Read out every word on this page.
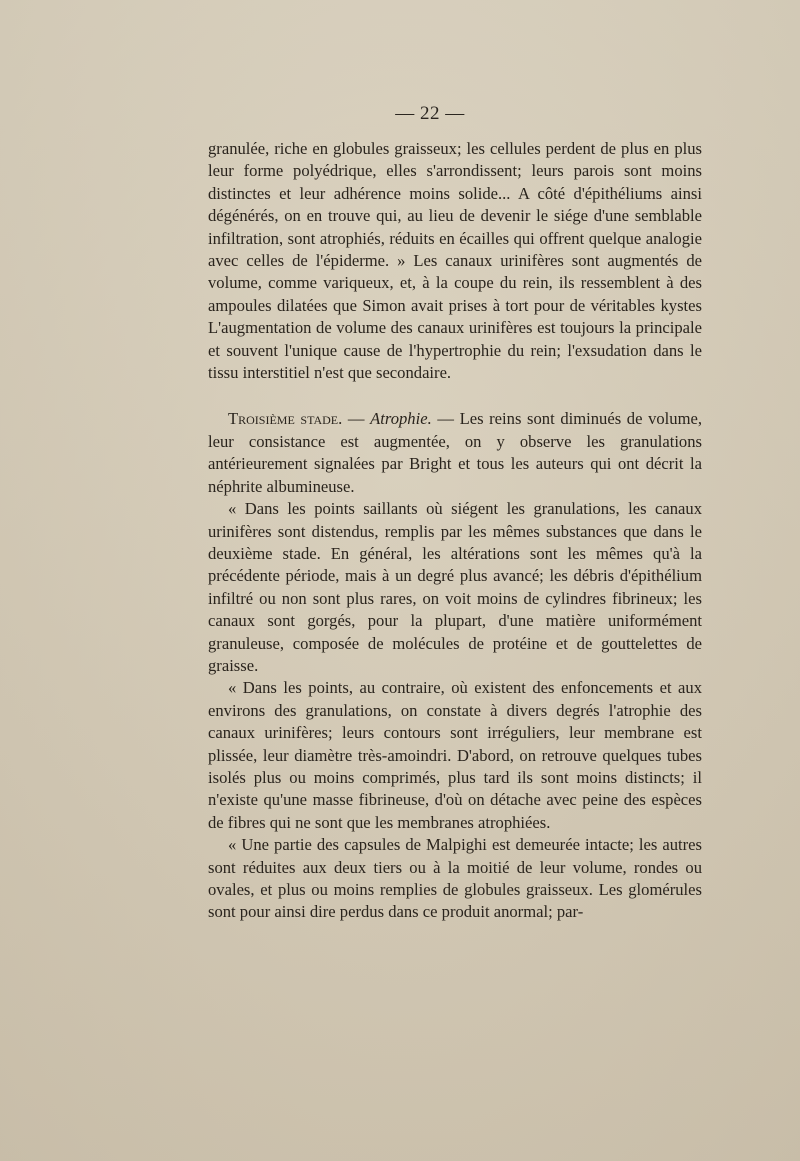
— 22 —

granulée, riche en globules graisseux; les cellules perdent de plus en plus leur forme polyédrique, elles s'arrondissent; leurs parois sont moins distinctes et leur adhérence moins solide... A côté d'épithéliums ainsi dégénérés, on en trouve qui, au lieu de devenir le siége d'une semblable infiltration, sont atrophiés, réduits en écailles qui offrent quelque analogie avec celles de l'épiderme. » Les canaux urinifères sont augmentés de volume, comme variqueux, et, à la coupe du rein, ils ressemblent à des ampoules dilatées que Simon avait prises à tort pour de véritables kystes L'augmentation de volume des canaux urinifères est toujours la principale et souvent l'unique cause de l'hypertrophie du rein; l'exsudation dans le tissu interstitiel n'est que secondaire.

Troisième stade. — Atrophie. — Les reins sont diminués de volume, leur consistance est augmentée, on y observe les granulations antérieurement signalées par Bright et tous les auteurs qui ont décrit la néphrite albumineuse.

« Dans les points saillants où siégent les granulations, les canaux urinifères sont distendus, remplis par les mêmes substances que dans le deuxième stade. En général, les altérations sont les mêmes qu'à la précédente période, mais à un degré plus avancé; les débris d'épithélium infiltré ou non sont plus rares, on voit moins de cylindres fibrineux; les canaux sont gorgés, pour la plupart, d'une matière uniformément granuleuse, composée de molécules de protéine et de gouttelettes de graisse.

« Dans les points, au contraire, où existent des enfoncements et aux environs des granulations, on constate à divers degrés l'atrophie des canaux urinifères; leurs contours sont irréguliers, leur membrane est plissée, leur diamètre très-amoindri. D'abord, on retrouve quelques tubes isolés plus ou moins comprimés, plus tard ils sont moins distincts; il n'existe qu'une masse fibrineuse, d'où on détache avec peine des espèces de fibres qui ne sont que les membranes atrophiées.

« Une partie des capsules de Malpighi est demeurée intacte; les autres sont réduites aux deux tiers ou à la moitié de leur volume, rondes ou ovales, et plus ou moins remplies de globules graisseux. Les glomérules sont pour ainsi dire perdus dans ce produit anormal; par-
